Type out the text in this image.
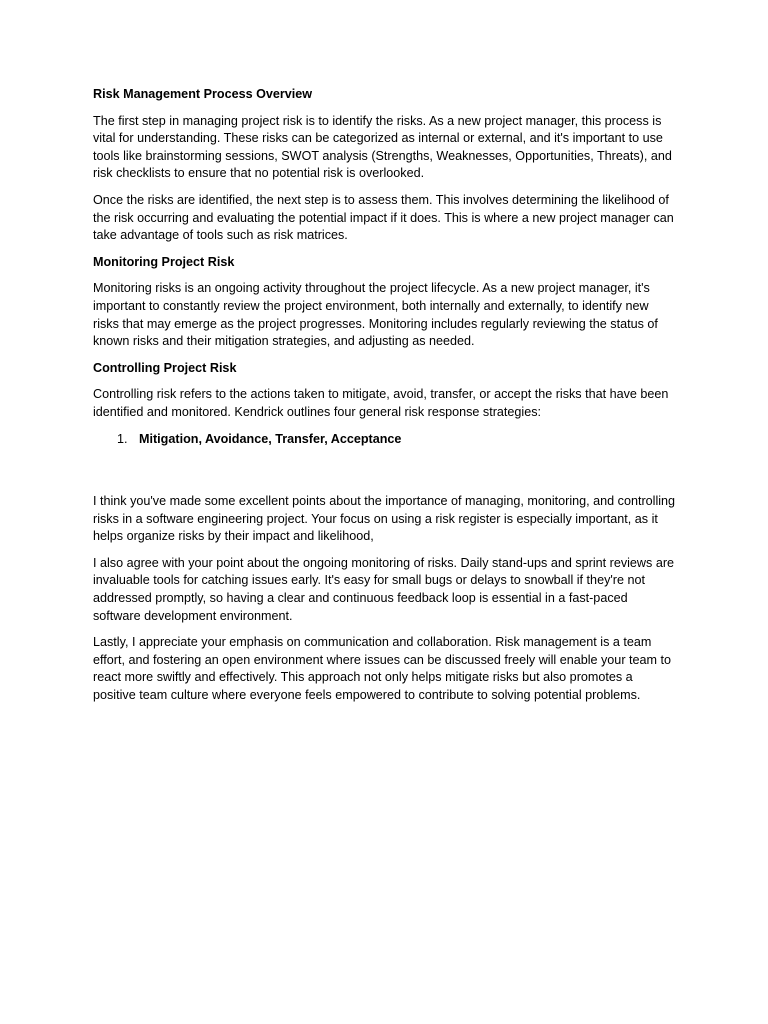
Risk Management Process Overview

The first step in managing project risk is to identify the risks. As a new project manager, this process is vital for understanding. These risks can be categorized as internal or external, and it's important to use tools like brainstorming sessions, SWOT analysis (Strengths, Weaknesses, Opportunities, Threats), and risk checklists to ensure that no potential risk is overlooked.

Once the risks are identified, the next step is to assess them. This involves determining the likelihood of the risk occurring and evaluating the potential impact if it does. This is where a new project manager can take advantage of tools such as risk matrices.

Monitoring Project Risk

Monitoring risks is an ongoing activity throughout the project lifecycle. As a new project manager, it's important to constantly review the project environment, both internally and externally, to identify new risks that may emerge as the project progresses. Monitoring includes regularly reviewing the status of known risks and their mitigation strategies, and adjusting as needed.

Controlling Project Risk

Controlling risk refers to the actions taken to mitigate, avoid, transfer, or accept the risks that have been identified and monitored. Kendrick outlines four general risk response strategies:

1. Mitigation, Avoidance, Transfer, Acceptance

I think you've made some excellent points about the importance of managing, monitoring, and controlling risks in a software engineering project. Your focus on using a risk register is especially important, as it helps organize risks by their impact and likelihood,

I also agree with your point about the ongoing monitoring of risks. Daily stand-ups and sprint reviews are invaluable tools for catching issues early. It's easy for small bugs or delays to snowball if they're not addressed promptly, so having a clear and continuous feedback loop is essential in a fast-paced software development environment.

Lastly, I appreciate your emphasis on communication and collaboration. Risk management is a team effort, and fostering an open environment where issues can be discussed freely will enable your team to react more swiftly and effectively. This approach not only helps mitigate risks but also promotes a positive team culture where everyone feels empowered to contribute to solving potential problems.
